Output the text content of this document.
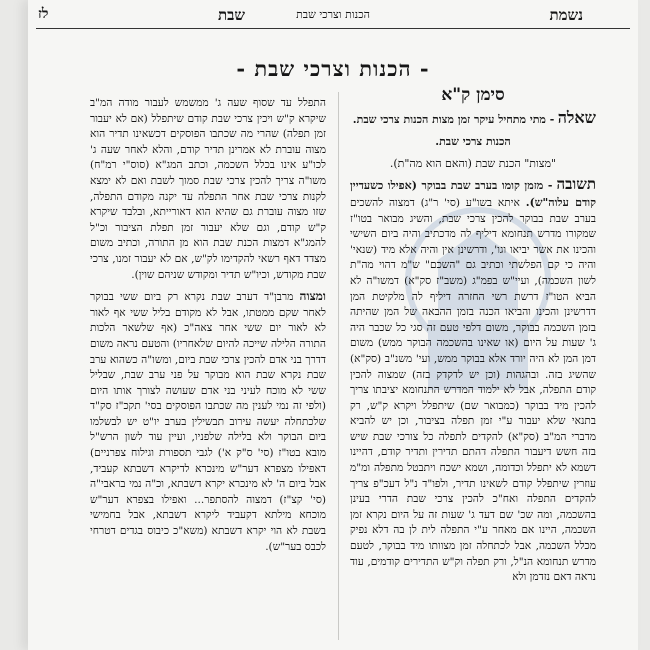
נשמת
הכנות וצרכי שבת
שבת
לז
- הכנות וצרכי שבת -
סימן ק"א
שאלה - מתי מתחיל עיקר זמן מצות הכנות צרכי שבת.
הכנות צרכי שבת.
"מצות" הכנת שבת (והאם הוא מה"ת).

תשובה - מזמן קומו בערב שבת בבוקר (אפילו כשעדיין קודם עלוה"ש). איתא בשו"ע (סי' ר"ג) דמצוה להשכים בערב שבת בבוקר להכין צרכי שבת, והשיג מבואר בטו"ז שמקורו מדרש תנחומא דיליף לה מדכתיב והיה ביום השישי והכינו את אשר יביאו וגו', ודרשינן אין והיה אלא מיד (שנאי' והיה כי קם הפלשתי וכתיב גם "השכם" ש"מ דהוי מה"ת לשון השכמה), ועיי"ש בפמ"ג (משב"ז סק"א) דמשו"ה לא הביא הטו"ז דרשת רשי החזרה דיליף לה מלקיטת המן דדרשינן והכינו והביאו הכנה בזמן ההבאה של המן שהיתה בזמן השכמה בבוקר, משום דלפי טעם זה סגי כל שכבר היה ג' שעות על היום (או שאינו בהשכמה הבוקר ממש) משום דמן המן לא היה יורד אלא בבוקר ממש, ועי' משנ"ב (סק"א) שהשיג בזה. ובהגהות (וכן יש לדקדק בזה) שמצוה להכין קודם התפלה, אבל לא ילמוד המדרש התנחומא יציבתו צריך להכין מיד בבוקר (כמבואר שם) שיתפלל ויקרא ק"ש, רק בתנאי שלא יעבור ע"י זמן תפלה בציבור, וכן יש להביא מדברי המ"ב (סק"א) להקדים לתפלה כל צורכי שבת שיש בזה חשש דיעבור התפלה דהתם תדירין ותדיר קודם, דהיינו דשמא לא יתפלל וכדומה, ושמא ישכח ויתבטל מתפלה ומ"מ עוזרין שיתפלל קודם לשאינו תדיר, ולפו"ד נ"ל דעכ"פ צריך להקדים התפלה ואח"כ להכין צרכי שבת הדרי בעינן בהשכמה, ומה שכ' שם דעד ג' שעות זה על היום נקרא זמן השכמה, היינו אם מאחר ע"י התפלה לית לן בה דלא נפיק מכלל השכמה, אבל לכתחלה זמן מצוותו מיד בבוקר, לטעם מדרש תנחומא הנ"ל, ורק תפלה וק"ש התדירים קודמים, עוד נראה דאם נזדמן ולא

התפלל עד שסוף שעה ג' ממשמש לעבור מודה המ"ב שיקרא ק"ש ויכין צרכי שבת קודם שיתפלל (אם לא יעבור זמן תפלה) שהרי מה שכתבו הפוסקים דכשאינו תדיר הוא מצוה עוברת לא אמרינן תדיר קודם, והלא לאחר שעה ג' לכו"ע אינו בכלל השכמה, וכתב המג"א (סוס"י רמ"ח) משו"ה צריך להכין צרכי שבת סמוך לשבת ואם לא ימצא לקנות צרכי שבת אחר התפלה עד יקנה מקודם התפלה, שזו מצוה עוברת גם שהיא הוא דאורייתא, ובלבד שיקרא ק"ש קודם, וגם שלא יעבור זמן תפלת הציבור וכ"ל להמג"א דמצות הכנת שבת הוא מן התורה, וכתיב משום מצדד דאף רשאי להקדימו לק"ש, אם לא יעבור זמנו, צרכי שבת מקודש, וכיו"ש תדיר ומקודש שניהם שוין).

ומצוה מרבן"ד דערב שבת נקרא רק ביום ששי בבוקר לאחר שקם ממטתו, אבל לא מקודם בליל ששי אף לאור לא לאור יום ששי אחר צאה"כ (אף שלשאר הלכות התורה הלילה שייכה להיום שלאחריו) והטעם נראה משום דדרך בני אדם להכין צרכי שבת ביום, ומשו"ה כשהוא ערב שבת נקרא שבת הוא מבוקר על פני ערב שבת, שבליל ששי לא מוכח לעיני בני אדם שעושה לצורך אותו היום (ולפי זה נמי לענין מה שכתבו הפוסקים בסי' תקכ"ז סק"ד שלכתחלה יעשה עירוב תבשילין בערב יו"ט יש לבשלמו ביום הבוקר ולא בלילה שלפניו, ועיין עוד לשון הרש"ל מובא בטו"ז (סי' ס"ק א') לגבי תספורת וגילוח צפרניים) דאפילו מצפרא דער"ש מינכרא לדיקרא דשבתא קעביד, אבל ביום ה' לא מינכרא יקרא דשבתא, וכ"ה נמי בראבי"ה (סי' קצ"ז) דמצוה להסתפר... ואפילו בצפרא דער"ש מוכחא מילתא דקעביד ליקרא דשבתא, אבל בחמישי בשבת לא הוי יקרא דשבתא (משא"כ כיבוס בגדים דטרחי לכבס בער"ש).
